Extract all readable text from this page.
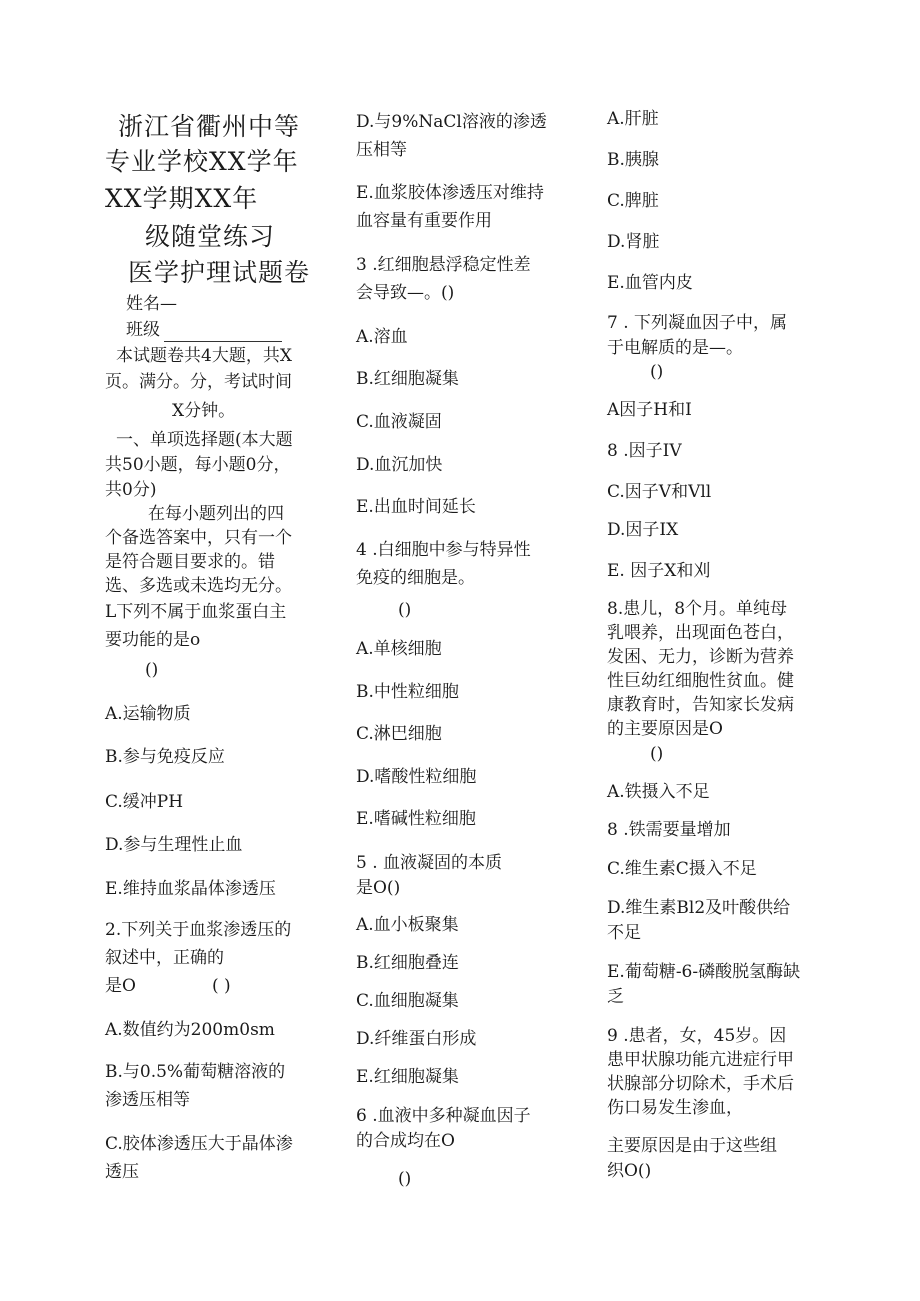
浙江省衢州中等
专业学校XX学年
XX学期XX年
级随堂练习
医学护理试题卷
姓名—
班级
本试题卷共4大题，共X
页。满分。分，考试时间
X分钟。
一、单项选择题(本大题
共50小题，每小题0分，
共0分)
在每小题列出的四
个备选答案中，只有一个
是符合题目要求的。错
选、多选或未选均无分。
L下列不属于血浆蛋白主
要功能的是o
()
A.运输物质
B.参与免疫反应
C.缓冲PH
D.参与生理性止血
E.维持血浆晶体渗透压
2.下列关于血浆渗透压的
叙述中，正确的
是O	( )
A.数值约为200m0sm
B.与0.5%葡萄糖溶液的
渗透压相等
C.胶体渗透压大于晶体渗
透压
D.与9%NaCl溶液的渗透
压相等
E.血浆胶体渗透压对维持
血容量有重要作用
3 .红细胞悬浮稳定性差
会导致—。()
A.溶血
B.红细胞凝集
C.血液凝固
D.血沉加快
E.出血时间延长
4 .白细胞中参与特异性
免疫的细胞是。
()
A.单核细胞
B.中性粒细胞
C.淋巴细胞
D.嗜酸性粒细胞
E.嗜碱性粒细胞
5 . 血液凝固的本质
是O()
A.血小板聚集
B.红细胞叠连
C.血细胞凝集
D.纤维蛋白形成
E.红细胞凝集
6 .血液中多种凝血因子
的合成均在O
()
A.肝脏
B.胰腺
C.脾脏
D.肾脏
E.血管内皮
7 . 下列凝血因子中，属
于电解质的是—。
()
A因子H和I
8 .因子IV
C.因子V和Vll
D.因子IX
E. 因子X和刈
8.患儿，8个月。单纯母
乳喂养，出现面色苍白，
发困、无力，诊断为营养
性巨幼红细胞性贫血。健
康教育时，告知家长发病
的主要原因是O
()
A.铁摄入不足
8 .铁需要量增加
C.维生素C摄入不足
D.维生素Bl2及叶酸供给
不足
E.葡萄糖-6-磷酸脱氢酶缺
乏
9 .患者，女，45岁。因
患甲状腺功能亢进症行甲
状腺部分切除术，手术后
伤口易发生渗血，
主要原因是由于这些组
织O()
